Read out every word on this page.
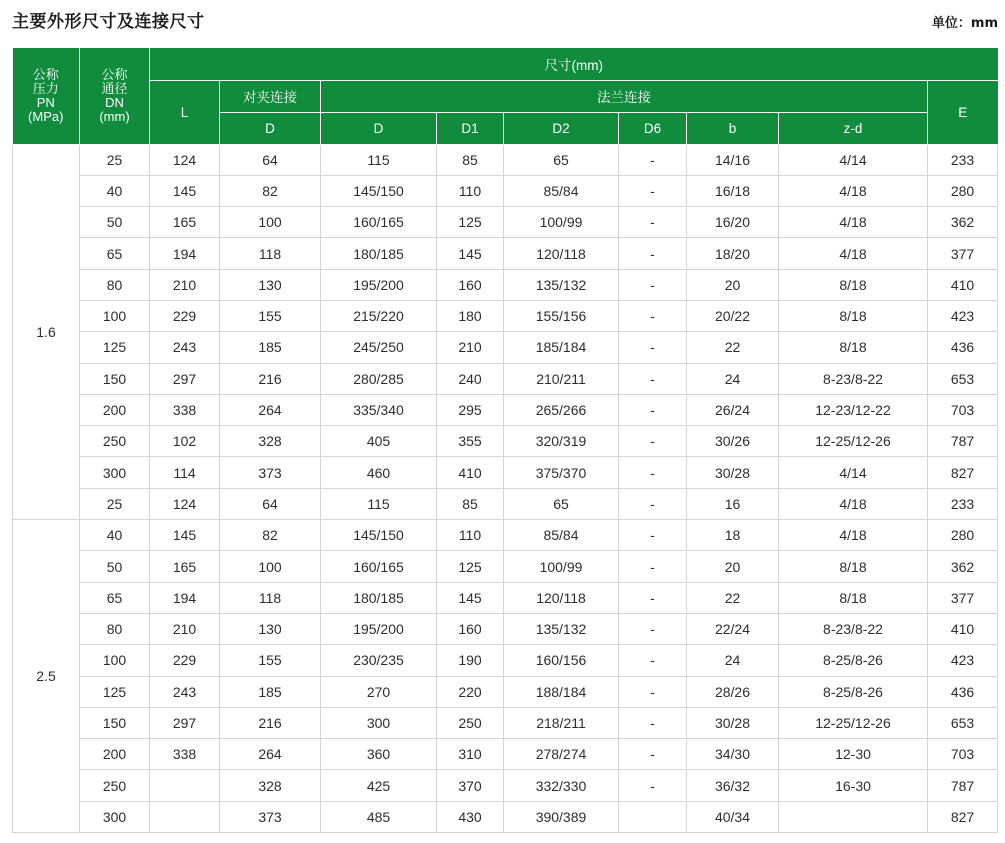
主要外形尺寸及连接尺寸	单位：mm
公称
压力
PN
(MPa)	公称
通径
DN
(mm)	尺寸(mm)								
		L	对夹连接	法兰连接						E
			D	D	D1	D2	D6	b	z-d	
1.6	25	124	64	115	85	65	-	14/16	4/14	233
	40	145	82	145/150	110	85/84	-	16/18	4/18	280
	50	165	100	160/165	125	100/99	-	16/20	4/18	362
	65	194	118	180/185	145	120/118	-	18/20	4/18	377
	80	210	130	195/200	160	135/132	-	20	8/18	410
	100	229	155	215/220	180	155/156	-	20/22	8/18	423
	125	243	185	245/250	210	185/184	-	22	8/18	436
	150	297	216	280/285	240	210/211	-	24	8-23/8-22	653
	200	338	264	335/340	295	265/266	-	26/24	12-23/12-22	703
	250	102	328	405	355	320/319	-	30/26	12-25/12-26	787
	300	114	373	460	410	375/370	-	30/28	4/14	827
	25	124	64	115	85	65	-	16	4/18	233
2.5	40	145	82	145/150	110	85/84	-	18	4/18	280
	50	165	100	160/165	125	100/99	-	20	8/18	362
	65	194	118	180/185	145	120/118	-	22	8/18	377
	80	210	130	195/200	160	135/132	-	22/24	8-23/8-22	410
	100	229	155	230/235	190	160/156	-	24	8-25/8-26	423
	125	243	185	270	220	188/184	-	28/26	8-25/8-26	436
	150	297	216	300	250	218/211	-	30/28	12-25/12-26	653
	200	338	264	360	310	278/274	-	34/30	12-30	703
	250		328	425	370	332/330	-	36/32	16-30	787
	300		373	485	430	390/389		40/34		827
